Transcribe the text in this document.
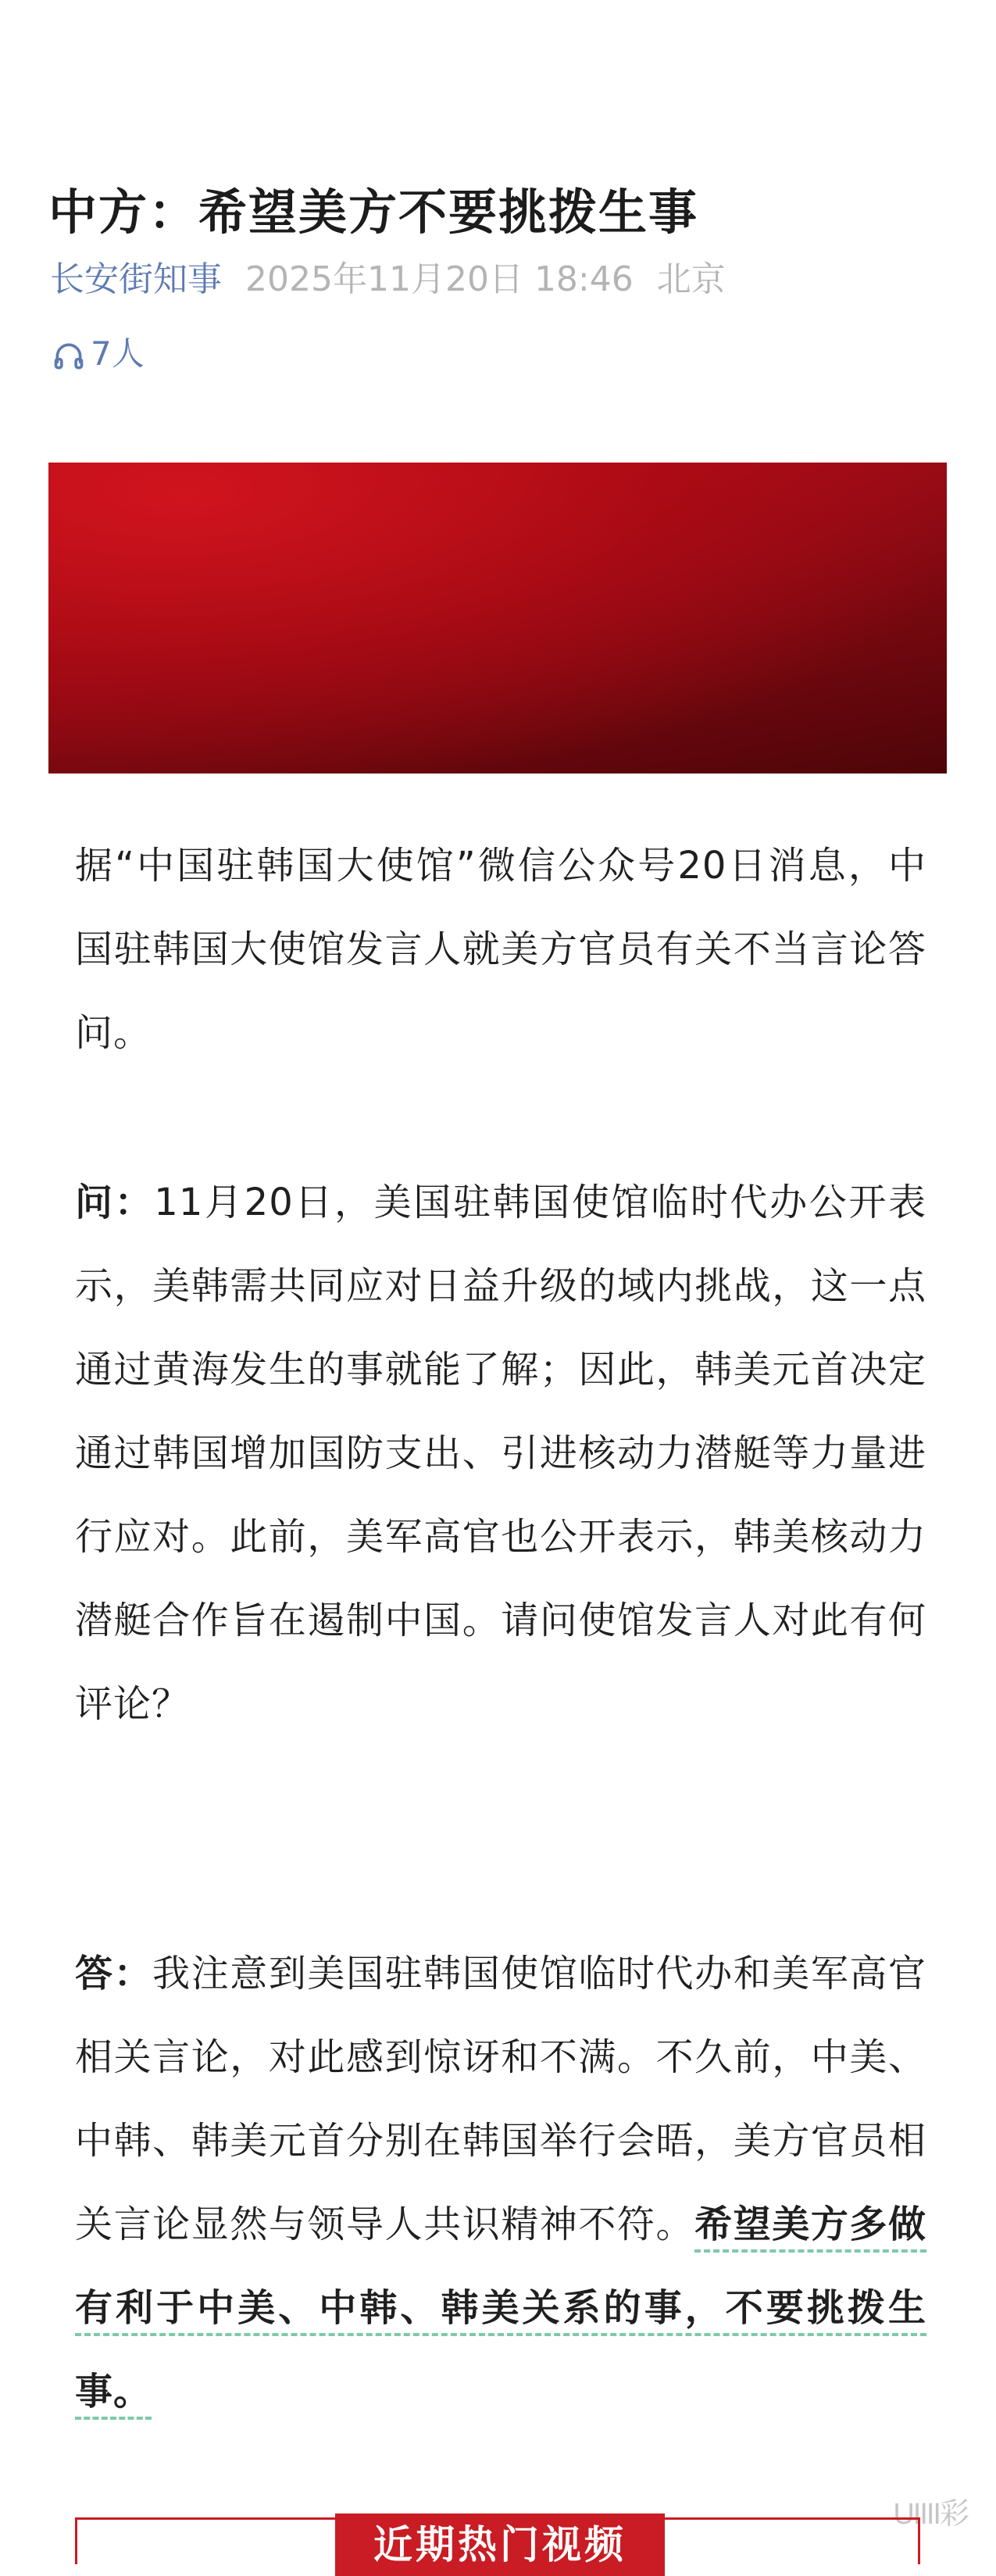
中方：希望美方不要挑拨生事
长安街知事 2025年11月20日 18:46 北京
7人

据“中国驻韩国大使馆”微信公众号20日消息，中国驻韩国大使馆发言人就美方官员有关不当言论答问。

问：11月20日，美国驻韩国使馆临时代办公开表示，美韩需共同应对日益升级的域内挑战，这一点通过黄海发生的事就能了解；因此，韩美元首决定通过韩国增加国防支出、引进核动力潜艇等力量进行应对。此前，美军高官也公开表示，韩美核动力潜艇合作旨在遏制中国。请问使馆发言人对此有何评论？

答：我注意到美国驻韩国使馆临时代办和美军高官相关言论，对此感到惊讶和不满。不久前，中美、中韩、韩美元首分别在韩国举行会晤，美方官员相关言论显然与领导人共识精神不符。希望美方多做有利于中美、中韩、韩美关系的事，不要挑拨生事。

UIIII彩
近期热门视频
